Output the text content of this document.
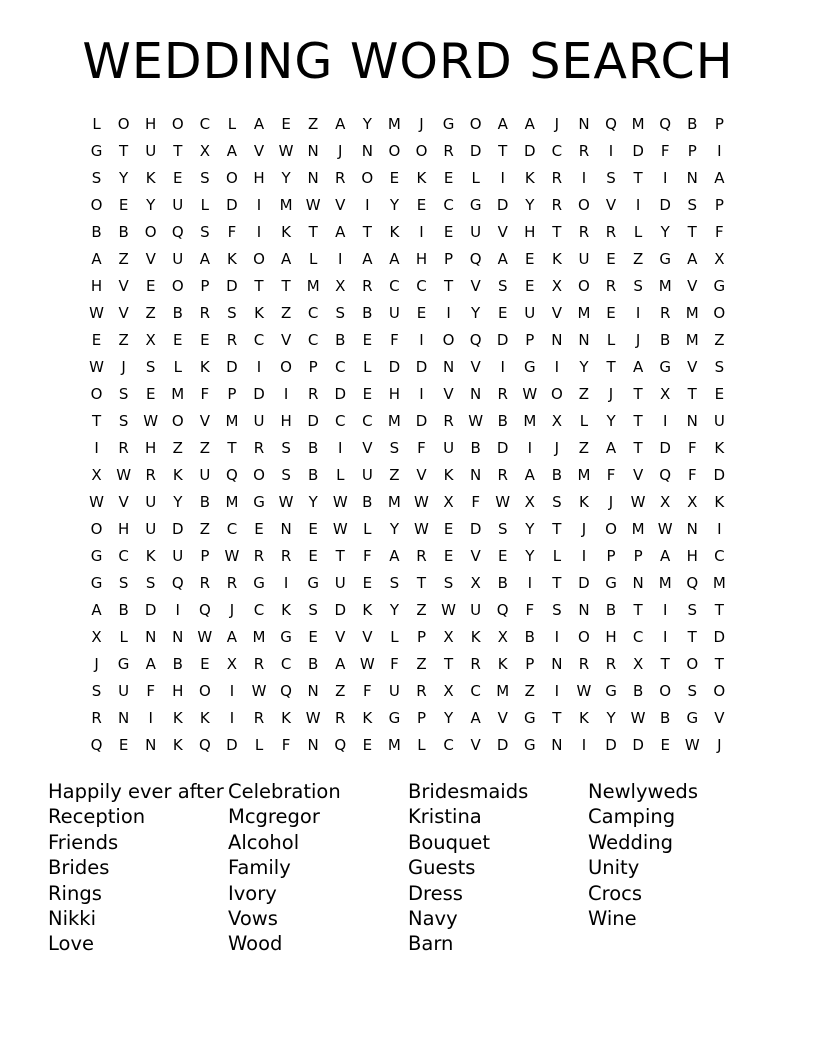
WEDDING WORD SEARCH
L	O	H	O	C	L	A	E	Z	A	Y	M	J	G	O	A	A	J	N	Q M Q	B	P
G	T	U	T	X	A	V W N	J	N	O	O	R	D	T	D	C	R	I	D	F	P	I
S	Y	K	E	S	O	H	Y	N	R	O	E	K	E	L	I	K	R	I	S	T	I	N	A
O	E	Y	U	L	D	I	M W V	I	Y	E	C	G	D	Y	R	O	V	I	D	S	P
B	B	O	Q	S	F	I	K	T	A	T	K	I	E	U	V	H	T	R	R	L	Y	T	F
A	Z	V	U	A	K	O	A	L	I	A	A	H	P	Q	A	E	K	U	E	Z	G	A	X
H	V	E	O	P	D	T	T	M	X	R	C	C	T	V	S	E	X	O	R	S	M	V	G
W V	Z	B	R	S	K	Z	C	S	B	U	E	I	Y	E	U	V	M	E	I	R	M O
E	Z	X	E	E	R	C	V	C	B	E	F	I	O	Q	D	P	N	N	L	J	B	M	Z
W	J	S	L	K	D	I	O	P	C	L	D	D	N	V	I	G	I	Y	T	A	G	V	S
O	S	E	M	F	P	D	I	R	D	E	H	I	V	N	R W O	Z	J	T	X	T	E
T	S W O	V	M	U	H	D	C	C	M D	R W B	M	X	L	Y	T	I	N	U
I	R	H	Z	Z	T	R	S	B	I	V	S	F	U	B	D	I	J	Z	A	T	D	F	K
X W R	K	U	Q	O	S	B	L	U	Z	V	K	N	R	A	B	M	F	V	Q	F	D
W V	U	Y	B	M G W	Y	W B	M W X	F	W X	S	K	J	W X	X	K
O	H	U	D	Z	C	E	N	E W	L	Y	W E	D	S	Y	T	J	O M W N	I
G	C	K	U	P	W R	R	E	T	F	A	R	E	V	E	Y	L	I	P	P	A	H	C
G	S	S	Q	R	R	G	I	G	U	E	S	T	S	X	B	I	T	D	G	N M Q M
A	B	D	I	Q	J	C	K	S	D	K	Y	Z W U	Q	F	S	N	B	T	I	S	T
X	L	N	N W A	M G	E	V	V	L	P	X	K	X	B	I	O	H	C	I	T	D
J	G	A	B	E	X	R	C	B	A W	F	Z	T	R	K	P	N	R	R	X	T	O	T
S	U	F	H	O	I	W Q	N	Z	F	U	R	X	C	M	Z	I	W G	B	O	S	O
R	N	I	K	K	I	R	K W R	K	G	P	Y	A	V	G	T	K	Y	W B	G	V
Q	E	N	K	Q	D	L	F	N	Q	E	M	L	C	V	D	G	N	I	D	D	E W	J
Happily ever after
Reception
Friends
Brides
Rings
Nikki
Love
Celebration
Mcgregor
Alcohol
Family
Ivory
Vows
Wood
Bridesmaids
Kristina
Bouquet
Guests
Dress
Navy
Barn
Newlyweds
Camping
Wedding
Unity
Crocs
Wine
